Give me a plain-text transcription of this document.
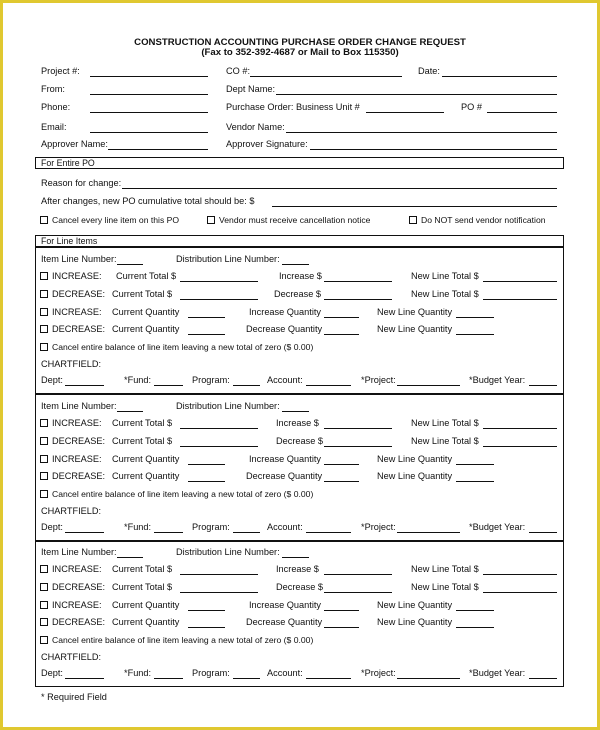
CONSTRUCTION ACCOUNTING PURCHASE ORDER CHANGE REQUEST
(Fax to 352-392-4687 or Mail to Box 115350)
Project #:	CO #:	Date:
From:	Dept Name:
Phone:	Purchase Order: Business Unit #	PO #
Email:	Vendor Name:
Approver Name:	Approver Signature:
For Entire PO
Reason for change:
After changes, new PO cumulative total should be: $
Cancel every line item on this PO	Vendor must receive cancellation notice	Do NOT send vendor notification
For Line Items
Item Line Number:	Distribution Line Number:
INCREASE: Current Total $	Increase $	New Line Total $
DECREASE: Current Total $	Decrease $	New Line Total $
INCREASE: Current Quantity	Increase Quantity	New Line Quantity
DECREASE: Current Quantity	Decrease Quantity	New Line Quantity
Cancel entire balance of line item leaving a new total of zero ($ 0.00)
CHARTFIELD:
Dept:	*Fund:	Program:	Account:	*Project:	*Budget Year:
Item Line Number:	Distribution Line Number:
INCREASE: Current Total $	Increase $	New Line Total $
DECREASE: Current Total $	Decrease $	New Line Total $
INCREASE: Current Quantity	Increase Quantity	New Line Quantity
DECREASE: Current Quantity	Decrease Quantity	New Line Quantity
Cancel entire balance of line item leaving a new total of zero ($ 0.00)
CHARTFIELD:
Dept:	*Fund:	Program:	Account:	*Project:	*Budget Year:
Item Line Number:	Distribution Line Number:
INCREASE: Current Total $	Increase $	New Line Total $
DECREASE: Current Total $	Decrease $	New Line Total $
INCREASE: Current Quantity	Increase Quantity	New Line Quantity
DECREASE: Current Quantity	Decrease Quantity	New Line Quantity
Cancel entire balance of line item leaving a new total of zero ($ 0.00)
CHARTFIELD:
Dept:	*Fund:	Program:	Account:	*Project:	*Budget Year:
* Required Field
